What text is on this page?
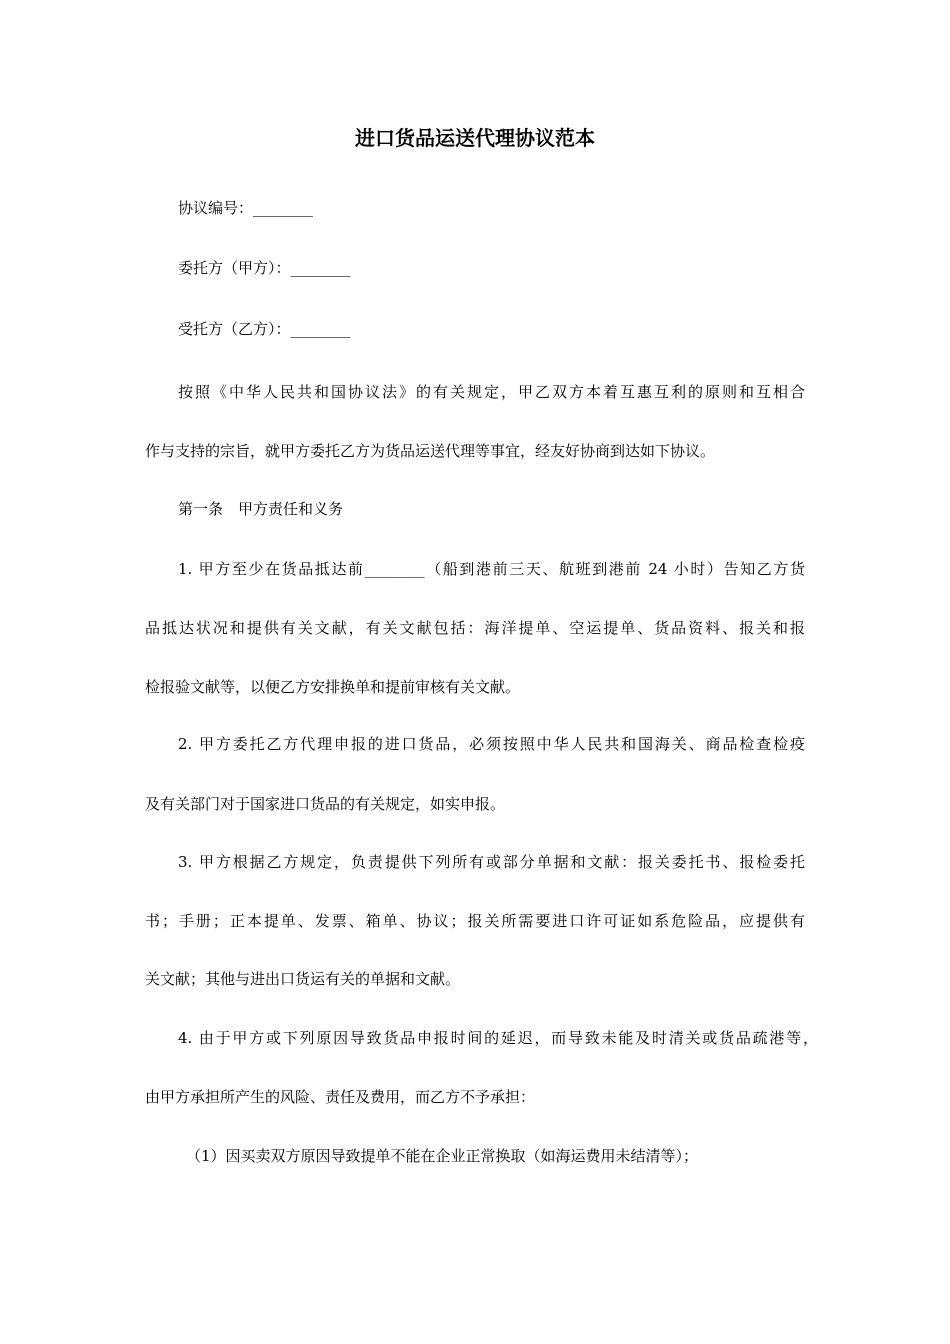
进口货品运送代理协议范本
协议编号：________
委托方（甲方）：________
受托方（乙方）：________
按照《中华人民共和国协议法》的有关规定，甲乙双方本着互惠互利的原则和互相合
作与支持的宗旨，就甲方委托乙方为货品运送代理等事宜，经友好协商到达如下协议。
第一条　甲方责任和义务
1. 甲方至少在货品抵达前________（船到港前三天、航班到港前 24 小时）告知乙方货
品抵达状况和提供有关文献，有关文献包括：海洋提单、空运提单、货品资料、报关和报
检报验文献等，以便乙方安排换单和提前审核有关文献。
2. 甲方委托乙方代理申报的进口货品，必须按照中华人民共和国海关、商品检查检疫
及有关部门对于国家进口货品的有关规定，如实申报。
3. 甲方根据乙方规定，负责提供下列所有或部分单据和文献：报关委托书、报检委托
书；手册；正本提单、发票、箱单、协议；报关所需要进口许可证如系危险品，应提供有
关文献；其他与进出口货运有关的单据和文献。
4. 由于甲方或下列原因导致货品申报时间的延迟，而导致未能及时清关或货品疏港等，
由甲方承担所产生的风险、责任及费用，而乙方不予承担：
（1）因买卖双方原因导致提单不能在企业正常换取（如海运费用未结清等）；
